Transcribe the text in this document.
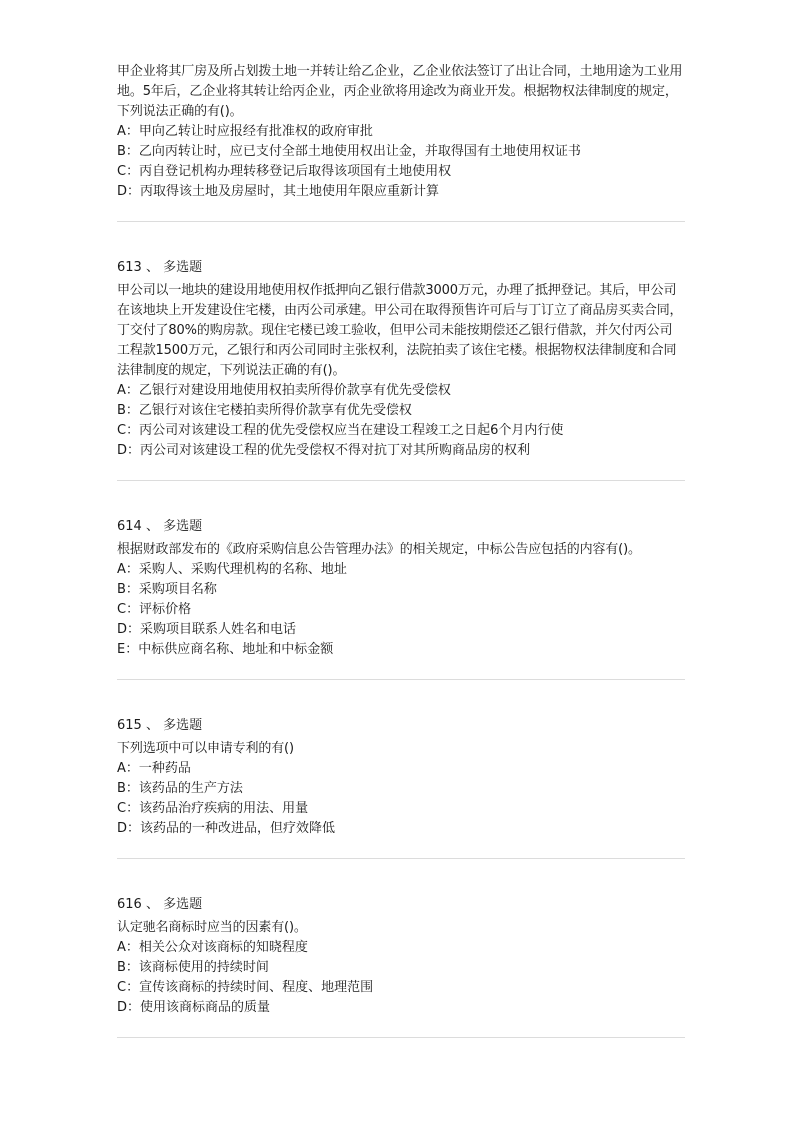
甲企业将其厂房及所占划拨土地一并转让给乙企业，乙企业依法签订了出让合同，土地用途为工业用地。5年后，乙企业将其转让给丙企业，丙企业欲将用途改为商业开发。根据物权法律制度的规定，下列说法正确的有()。

A： 甲向乙转让时应报经有批准权的政府审批

B： 乙向丙转让时，应已支付全部土地使用权出让金，并取得国有土地使用权证书

C： 丙自登记机构办理转移登记后取得该项国有土地使用权

D： 丙取得该土地及房屋时，其土地使用年限应重新计算

613 、 多选题

甲公司以一地块的建设用地使用权作抵押向乙银行借款3000万元，办理了抵押登记。其后，甲公司在该地块上开发建设住宅楼，由丙公司承建。甲公司在取得预售许可后与丁订立了商品房买卖合同，丁交付了80%的购房款。现住宅楼已竣工验收，但甲公司未能按期偿还乙银行借款，并欠付丙公司工程款1500万元，乙银行和丙公司同时主张权利，法院拍卖了该住宅楼。根据物权法律制度和合同法律制度的规定，下列说法正确的有()。

A： 乙银行对建设用地使用权拍卖所得价款享有优先受偿权

B： 乙银行对该住宅楼拍卖所得价款享有优先受偿权

C： 丙公司对该建设工程的优先受偿权应当在建设工程竣工之日起6个月内行使

D： 丙公司对该建设工程的优先受偿权不得对抗丁对其所购商品房的权利

614 、 多选题

根据财政部发布的《政府采购信息公告管理办法》的相关规定，中标公告应包括的内容有()。

A： 采购人、采购代理机构的名称、地址

B： 采购项目名称

C： 评标价格

D： 采购项目联系人姓名和电话

E： 中标供应商名称、地址和中标金额

615 、 多选题

下列选项中可以申请专利的有()

A： 一种药品

B： 该药品的生产方法

C： 该药品治疗疾病的用法、用量

D： 该药品的一种改进品，但疗效降低

616 、 多选题

认定驰名商标时应当的因素有()。

A： 相关公众对该商标的知晓程度

B： 该商标使用的持续时间

C： 宣传该商标的持续时间、程度、地理范围

D： 使用该商标商品的质量
